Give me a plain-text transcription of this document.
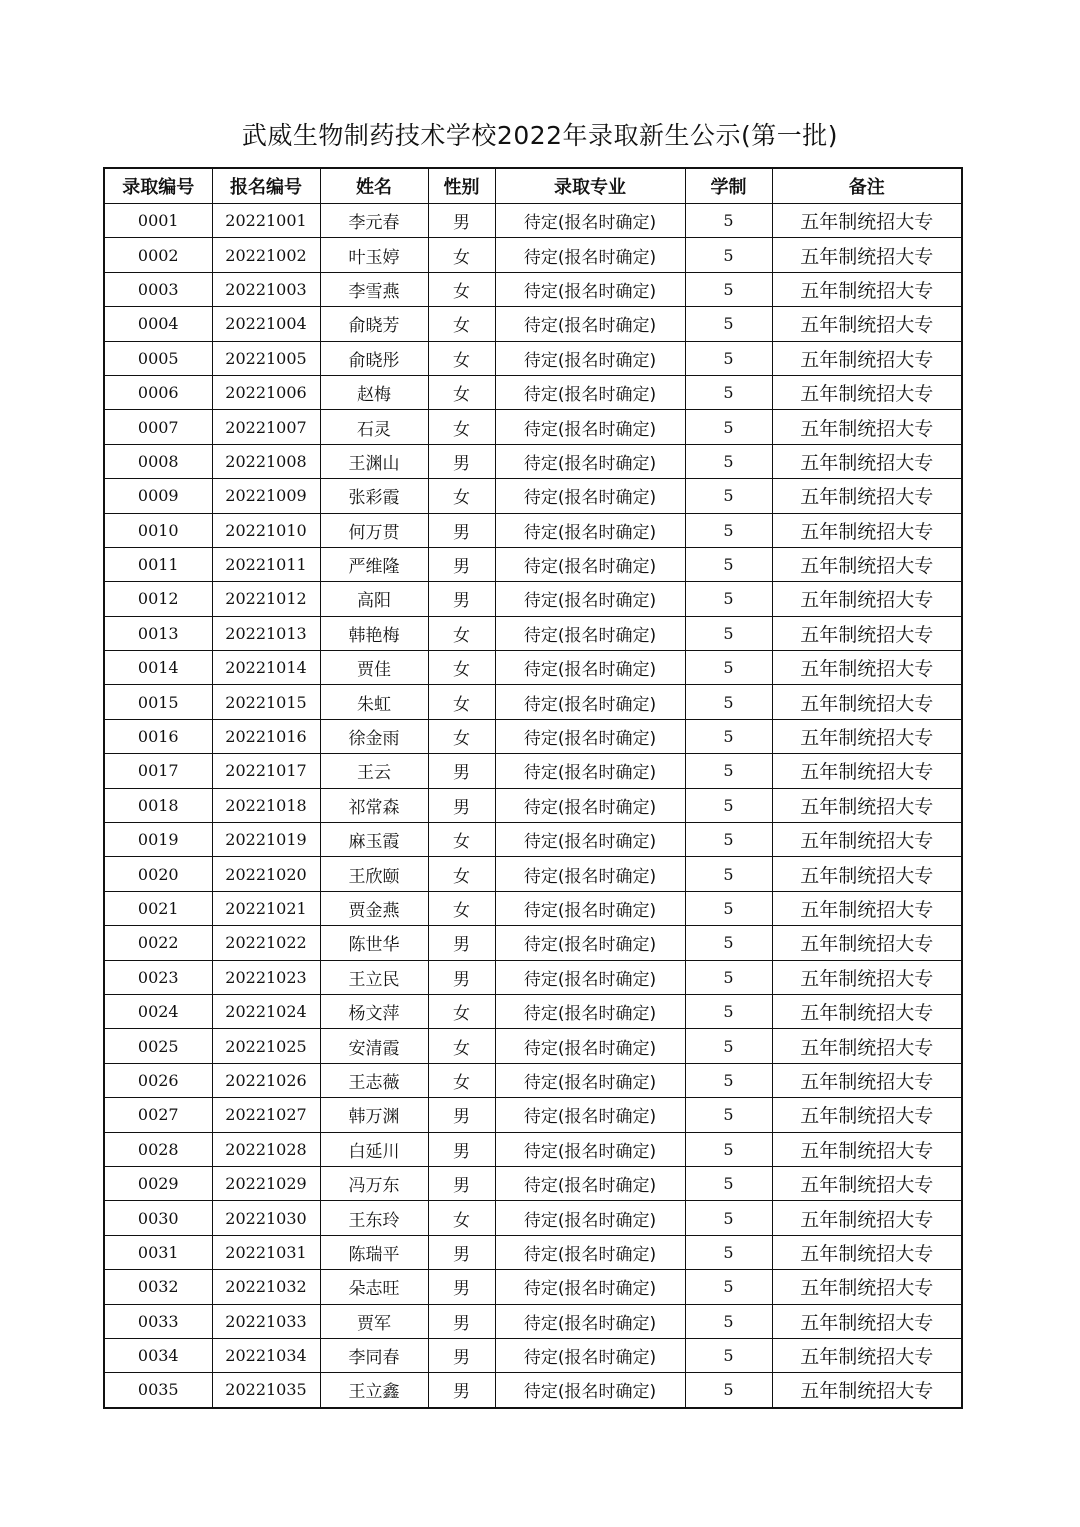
武威生物制药技术学校2022年录取新生公示(第一批)
录取编号	报名编号	姓名	性别	录取专业	学制	备注
0001	20221001	李元春	男	待定(报名时确定)	5	五年制统招大专
0002	20221002	叶玉婷	女	待定(报名时确定)	5	五年制统招大专
0003	20221003	李雪燕	女	待定(报名时确定)	5	五年制统招大专
0004	20221004	俞晓芳	女	待定(报名时确定)	5	五年制统招大专
0005	20221005	俞晓彤	女	待定(报名时确定)	5	五年制统招大专
0006	20221006	赵梅	女	待定(报名时确定)	5	五年制统招大专
0007	20221007	石灵	女	待定(报名时确定)	5	五年制统招大专
0008	20221008	王渊山	男	待定(报名时确定)	5	五年制统招大专
0009	20221009	张彩霞	女	待定(报名时确定)	5	五年制统招大专
0010	20221010	何万贯	男	待定(报名时确定)	5	五年制统招大专
0011	20221011	严维隆	男	待定(报名时确定)	5	五年制统招大专
0012	20221012	高阳	男	待定(报名时确定)	5	五年制统招大专
0013	20221013	韩艳梅	女	待定(报名时确定)	5	五年制统招大专
0014	20221014	贾佳	女	待定(报名时确定)	5	五年制统招大专
0015	20221015	朱虹	女	待定(报名时确定)	5	五年制统招大专
0016	20221016	徐金雨	女	待定(报名时确定)	5	五年制统招大专
0017	20221017	王云	男	待定(报名时确定)	5	五年制统招大专
0018	20221018	祁常森	男	待定(报名时确定)	5	五年制统招大专
0019	20221019	麻玉霞	女	待定(报名时确定)	5	五年制统招大专
0020	20221020	王欣颐	女	待定(报名时确定)	5	五年制统招大专
0021	20221021	贾金燕	女	待定(报名时确定)	5	五年制统招大专
0022	20221022	陈世华	男	待定(报名时确定)	5	五年制统招大专
0023	20221023	王立民	男	待定(报名时确定)	5	五年制统招大专
0024	20221024	杨文萍	女	待定(报名时确定)	5	五年制统招大专
0025	20221025	安清霞	女	待定(报名时确定)	5	五年制统招大专
0026	20221026	王志薇	女	待定(报名时确定)	5	五年制统招大专
0027	20221027	韩万渊	男	待定(报名时确定)	5	五年制统招大专
0028	20221028	白延川	男	待定(报名时确定)	5	五年制统招大专
0029	20221029	冯万东	男	待定(报名时确定)	5	五年制统招大专
0030	20221030	王东玲	女	待定(报名时确定)	5	五年制统招大专
0031	20221031	陈瑞平	男	待定(报名时确定)	5	五年制统招大专
0032	20221032	朵志旺	男	待定(报名时确定)	5	五年制统招大专
0033	20221033	贾军	男	待定(报名时确定)	5	五年制统招大专
0034	20221034	李同春	男	待定(报名时确定)	5	五年制统招大专
0035	20221035	王立鑫	男	待定(报名时确定)	5	五年制统招大专
